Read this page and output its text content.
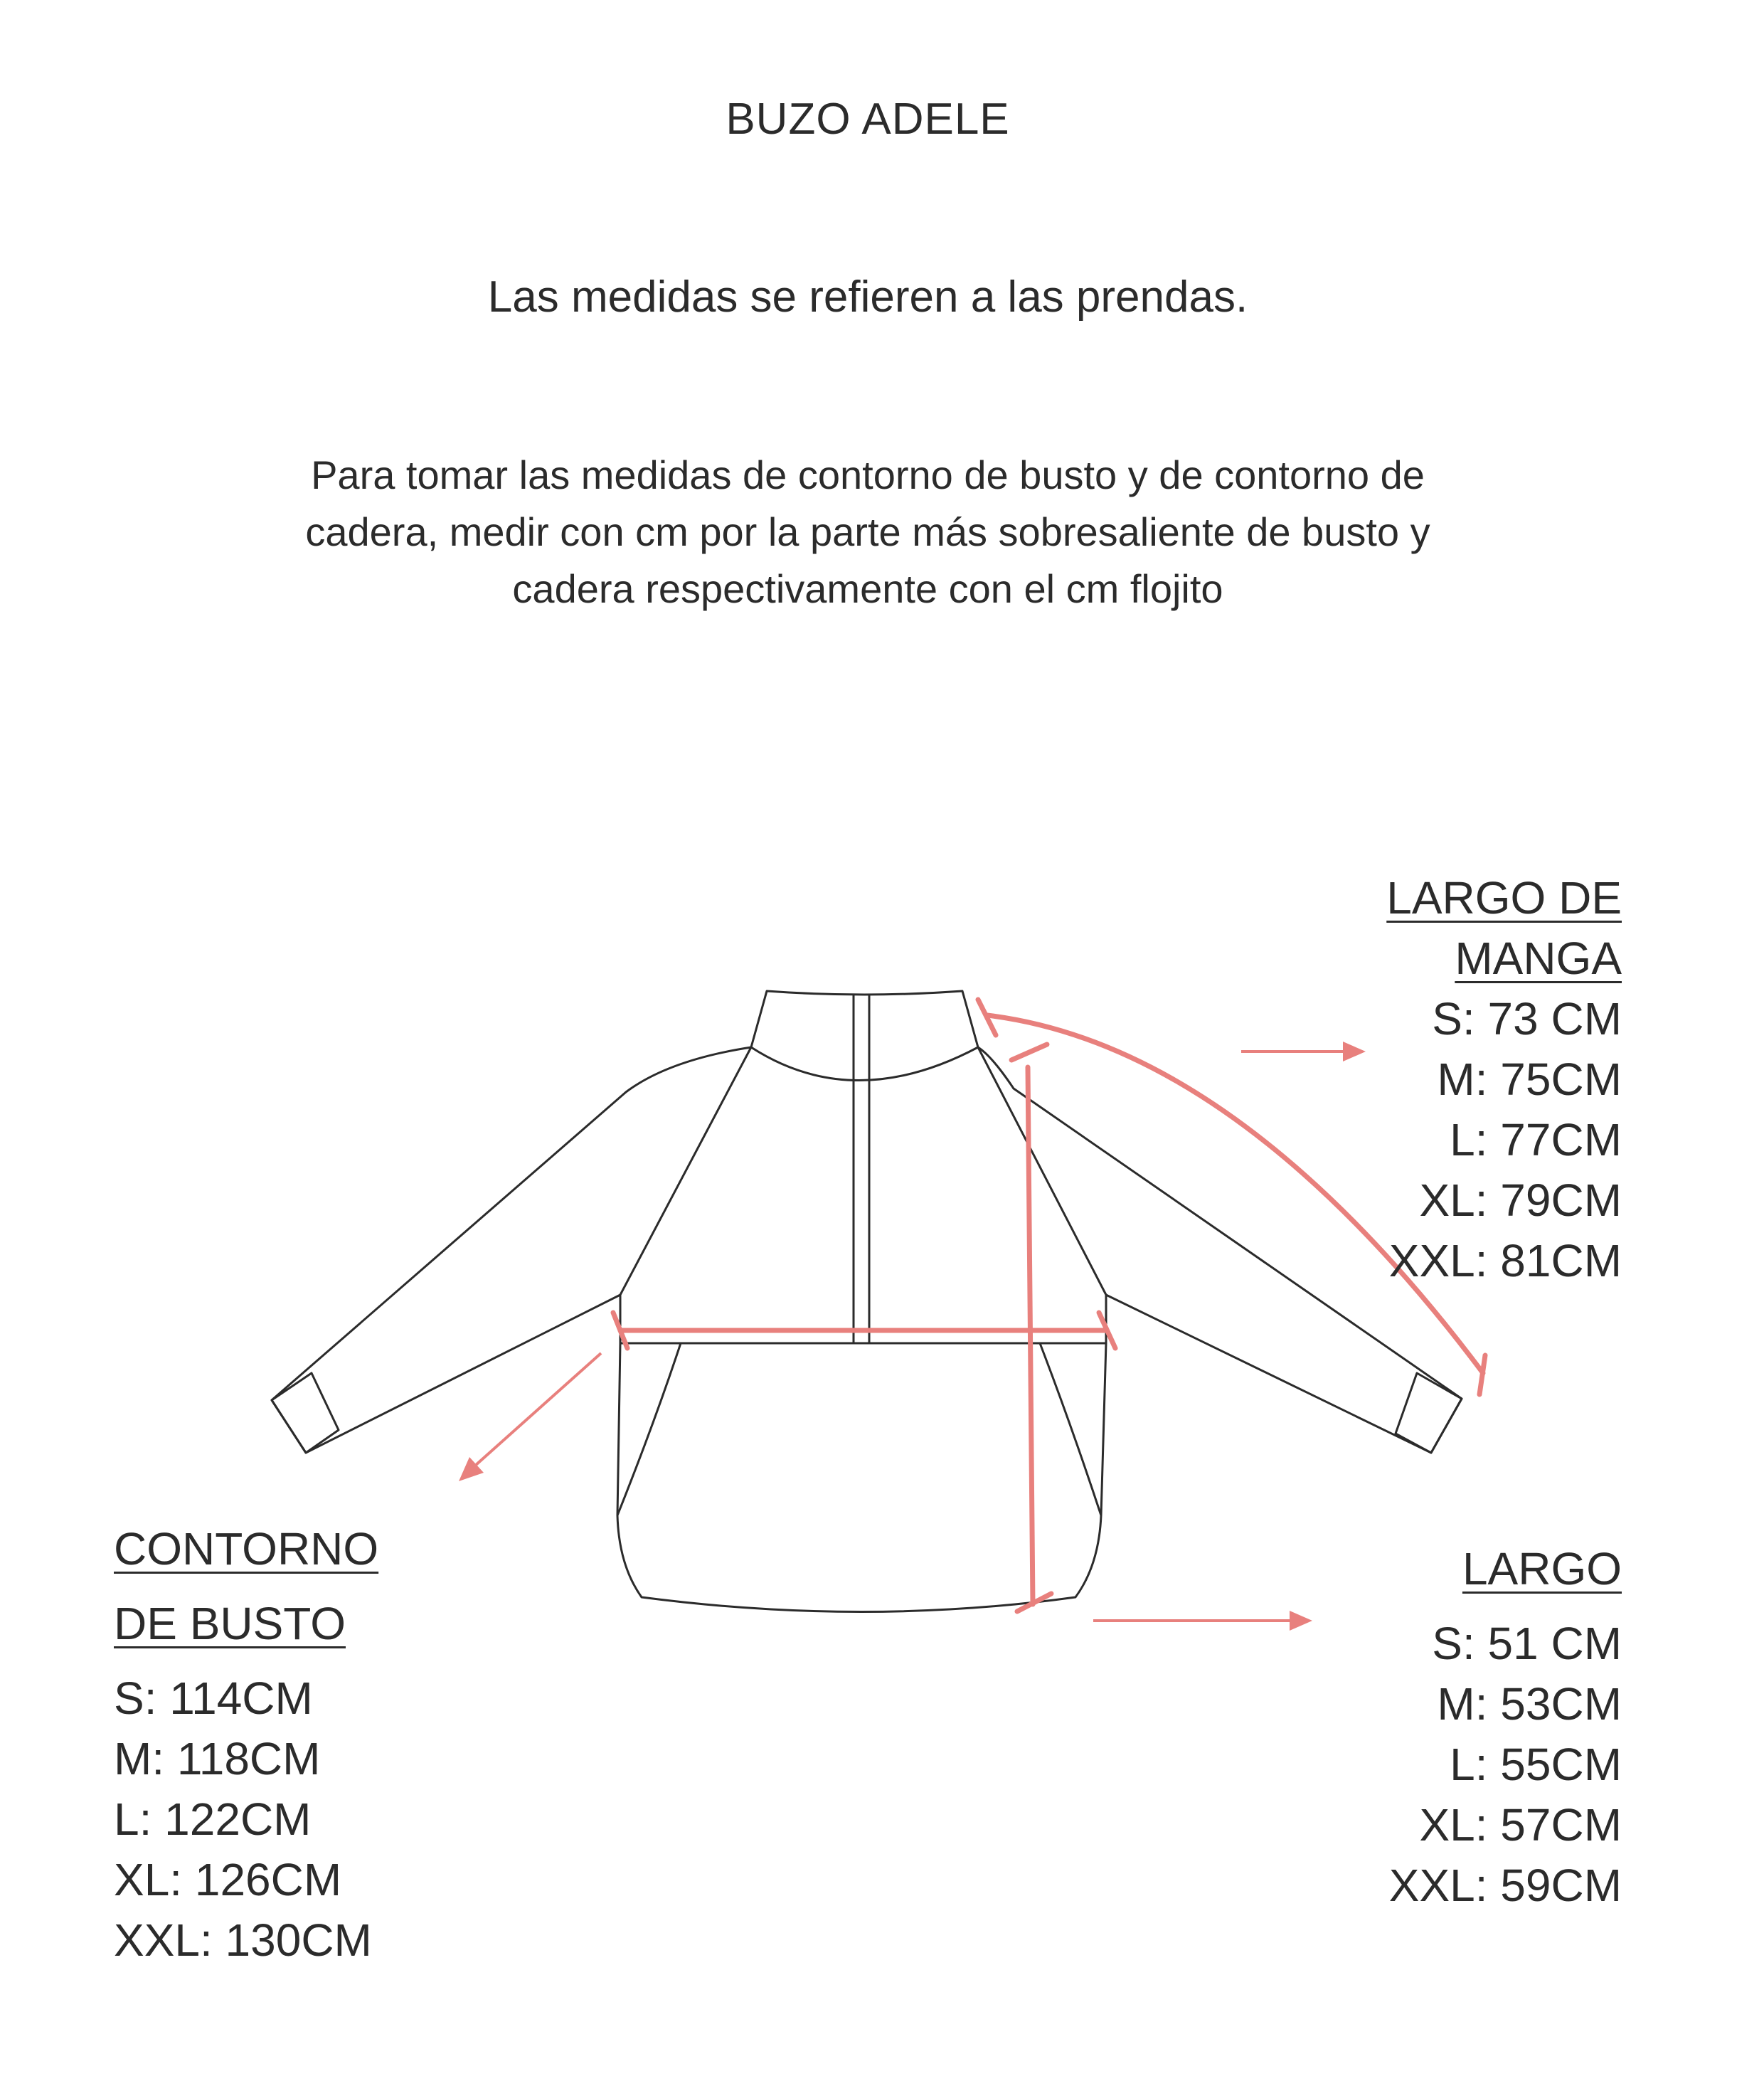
BUZO ADELE

Las medidas se refieren a las prendas.

Para tomar las medidas de contorno de busto y de contorno de
cadera, medir con cm por la parte más sobresaliente de busto y
cadera respectivamente con el cm flojito

LARGO DE
MANGA
S: 73 CM
M: 75CM
L: 77CM
XL: 79CM
XXL: 81CM
LARGO
S: 51 CM
M: 53CM
L: 55CM
XL: 57CM
XXL: 59CM
CONTORNO
DE BUSTO
S: 114CM
M: 118CM
L: 122CM
XL: 126CM
XXL: 130CM
